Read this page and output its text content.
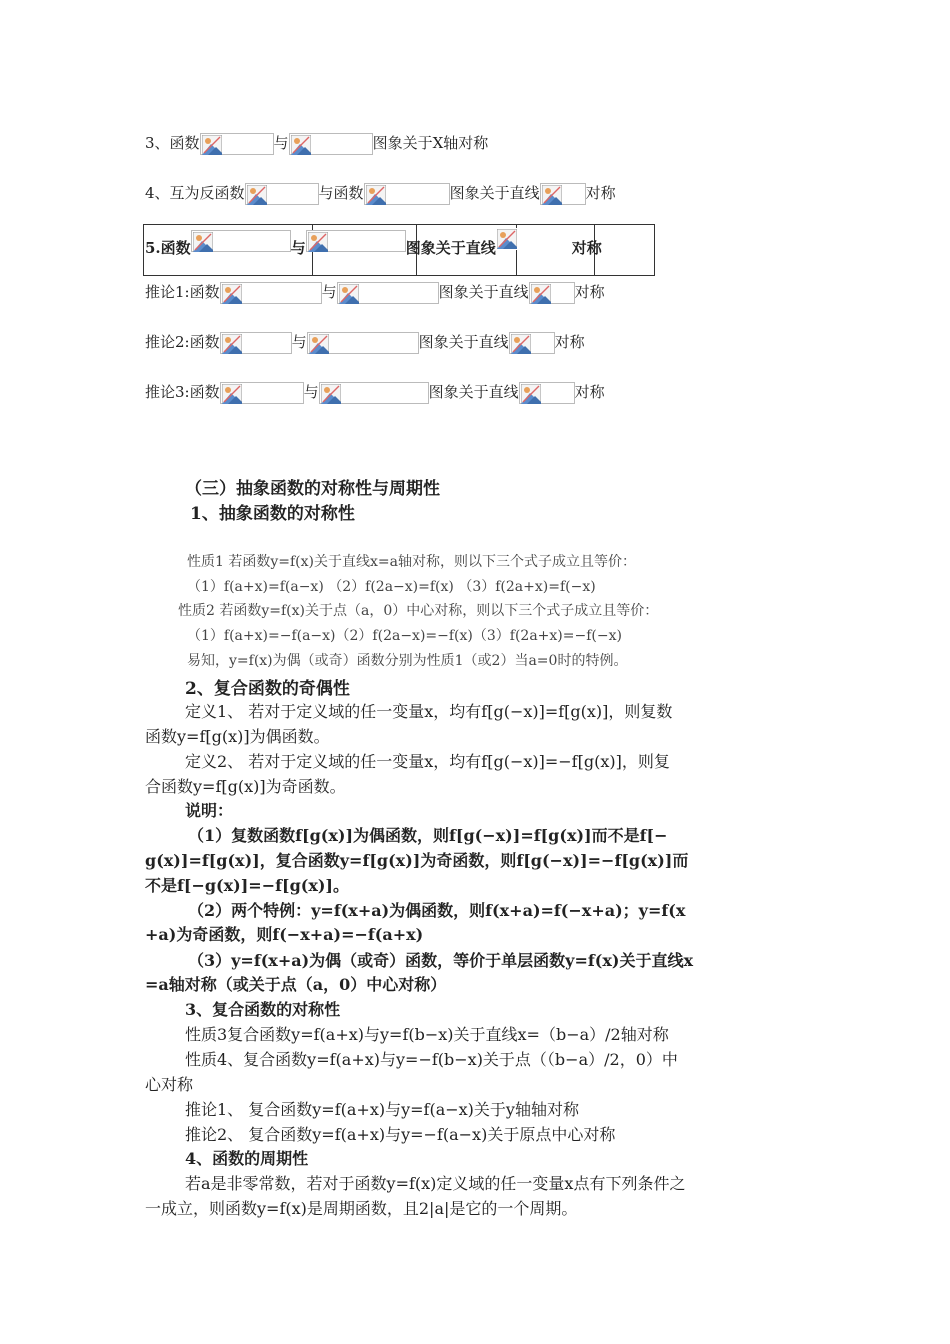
3、函数	与	图象关于X轴对称
4、互为反函数	与函数	图象关于直线	对称
5.函数	与	图象关于直线	对称
推论1:函数	与	图象关于直线	对称
推论2:函数	与	图象关于直线	对称
推论3:函数	与	图象关于直线	对称
（三）抽象函数的对称性与周期性
1、抽象函数的对称性
性质1 若函数y=f(x)关于直线x=a轴对称，则以下三个式子成立且等价：
（1）f(a+x)=f(a−x) （2）f(2a−x)=f(x) （3）f(2a+x)=f(−x)
性质2 若函数y=f(x)关于点（a，0）中心对称，则以下三个式子成立且等价：
（1）f(a+x)=−f(a−x)（2）f(2a−x)=−f(x)（3）f(2a+x)=−f(−x)
易知，y=f(x)为偶（或奇）函数分别为性质1（或2）当a=0时的特例。
2、复合函数的奇偶性
定义1、 若对于定义域的任一变量x，均有f[g(−x)]=f[g(x)]，则复数
函数y=f[g(x)]为偶函数。
定义2、 若对于定义域的任一变量x，均有f[g(−x)]=−f[g(x)]，则复
合函数y=f[g(x)]为奇函数。
说明：
（1）复数函数f[g(x)]为偶函数，则f[g(−x)]=f[g(x)]而不是f[−
g(x)]=f[g(x)]，复合函数y=f[g(x)]为奇函数，则f[g(−x)]=−f[g(x)]而
不是f[−g(x)]=−f[g(x)]。
（2）两个特例：y=f(x+a)为偶函数，则f(x+a)=f(−x+a)；y=f(x
+a)为奇函数，则f(−x+a)=−f(a+x)
（3）y=f(x+a)为偶（或奇）函数，等价于单层函数y=f(x)关于直线x
=a轴对称（或关于点（a，0）中心对称）
3、复合函数的对称性
性质3复合函数y=f(a+x)与y=f(b−x)关于直线x=（b−a）/2轴对称
性质4、复合函数y=f(a+x)与y=−f(b−x)关于点（（b−a）/2，0）中
心对称
推论1、 复合函数y=f(a+x)与y=f(a−x)关于y轴轴对称
推论2、 复合函数y=f(a+x)与y=−f(a−x)关于原点中心对称
4、函数的周期性
若a是非零常数，若对于函数y=f(x)定义域的任一变量x点有下列条件之
一成立，则函数y=f(x)是周期函数，且2|a|是它的一个周期。
